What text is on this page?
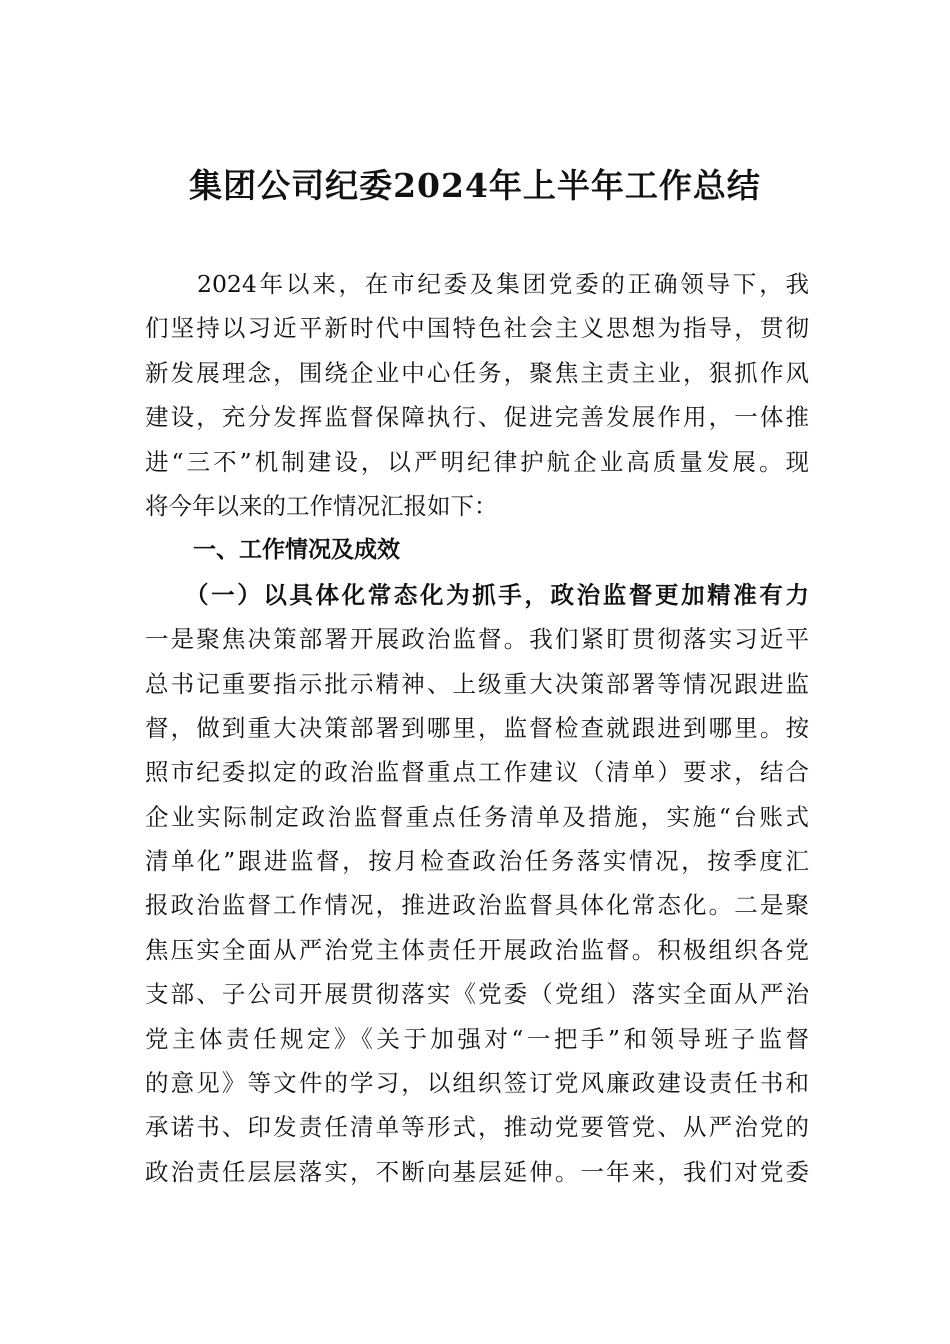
集团公司纪委2024年上半年工作总结
2024年以来，在市纪委及集团党委的正确领导下，我
们坚持以习近平新时代中国特色社会主义思想为指导，贯彻
新发展理念，围绕企业中心任务，聚焦主责主业，狠抓作风
建设，充分发挥监督保障执行、促进完善发展作用，一体推
进“三不”机制建设，以严明纪律护航企业高质量发展。现
将今年以来的工作情况汇报如下：
一、工作情况及成效
（一）以具体化常态化为抓手，政治监督更加精准有力
一是聚焦决策部署开展政治监督。我们紧盯贯彻落实习近平
总书记重要指示批示精神、上级重大决策部署等情况跟进监
督，做到重大决策部署到哪里，监督检查就跟进到哪里。按
照市纪委拟定的政治监督重点工作建议（清单）要求，结合
企业实际制定政治监督重点任务清单及措施，实施“台账式
清单化”跟进监督，按月检查政治任务落实情况，按季度汇
报政治监督工作情况，推进政治监督具体化常态化。二是聚
焦压实全面从严治党主体责任开展政治监督。积极组织各党
支部、子公司开展贯彻落实《党委（党组）落实全面从严治
党主体责任规定》《关于加强对“一把手”和领导班子监督
的意见》等文件的学习，以组织签订党风廉政建设责任书和
承诺书、印发责任清单等形式，推动党要管党、从严治党的
政治责任层层落实，不断向基层延伸。一年来，我们对党委
